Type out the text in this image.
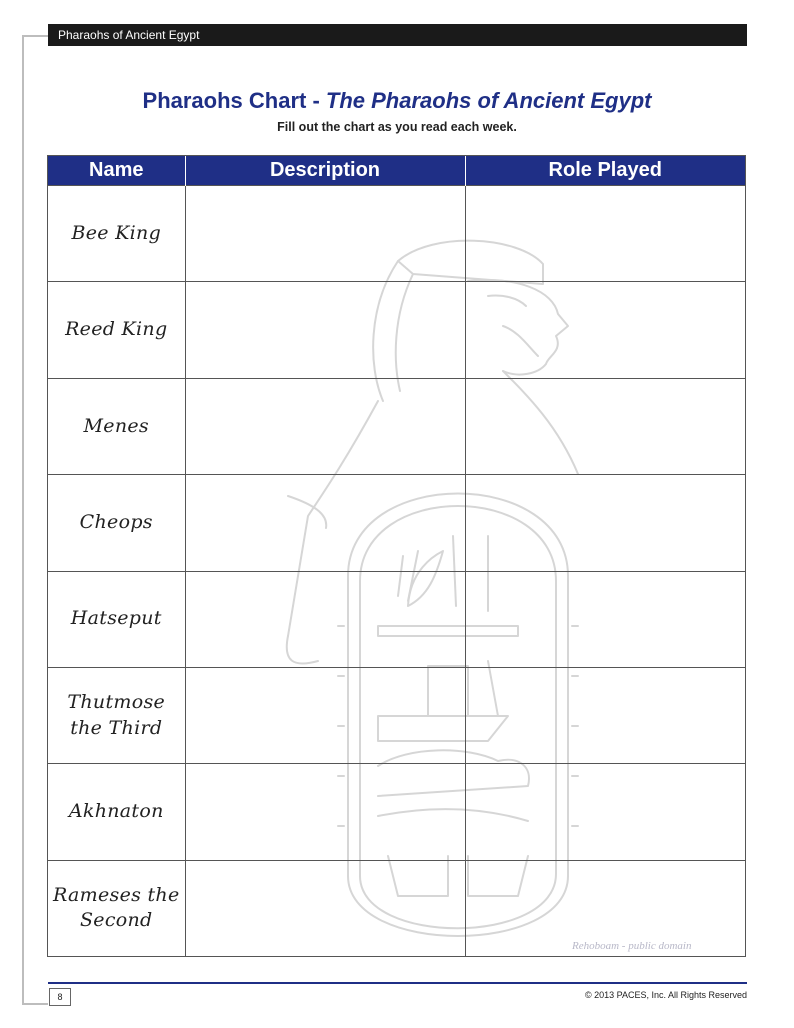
Pharaohs of Ancient Egypt
Pharaohs Chart - The Pharaohs of Ancient Egypt
Fill out the chart as you read each week.
Name	Description	Role Played
Bee King		
Reed King		
Menes		
Cheops		
Hatseput		
Thutmose
the Third		
Akhnaton		
Rameses the
Second		
Rehoboam - public domain
8	© 2013 PACES, Inc. All Rights Reserved
